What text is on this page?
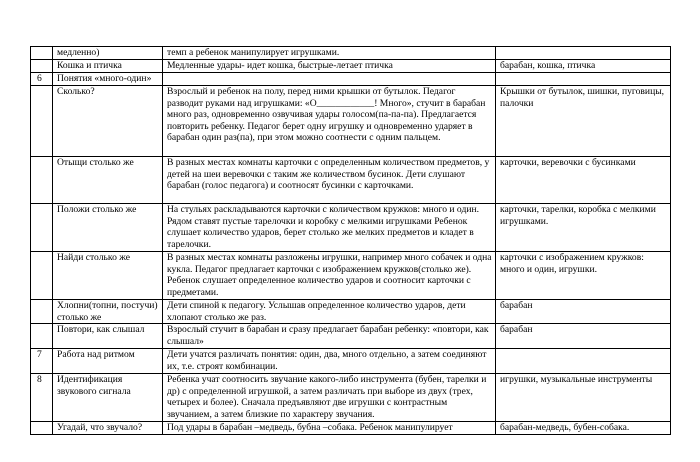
	медленно)	темп а ребенок манипулирует игрушками.	
	Кошка и птичка	Медленные удары- идет кошка, быстрые-летает птичка	барабан, кошка, птичка
6	Понятия «много-один»		
	Сколько?	Взрослый и ребенок на полу, перед ними крышки от бутылок. Педагог разводит руками над игрушками: «О____________! Много», стучит в барабан много раз, одновременно озвучивая удары голосом(па-па-па). Предлагается повторить ребенку. Педагог берет одну игрушку и одновременно ударяет в барабан один раз(па), при этом можно соотнести с одним пальцем.	Крышки от бутылок, шишки, пуговицы, палочки
	Отыщи столько же	В разных местах комнаты карточки с определенным количеством предметов, у детей на шеи веревочки с таким же количеством бусинок. Дети слушают барабан (голос педагога) и соотносят бусинки с карточками.	карточки, веревочки с бусинками
	Положи столько же	На стульях раскладываются карточки с количеством кружков: много и один. Рядом ставят пустые тарелочки и коробку с мелкими игрушками Ребенок слушает количество ударов, берет столько же мелких предметов и кладет в тарелочки.	карточки, тарелки, коробка с мелкими игрушками.
	Найди столько же	В разных местах комнаты разложены игрушки, например много собачек и одна кукла. Педагог предлагает карточки с изображением кружков(столько же). Ребенок слушает определенное количество ударов и соотносит карточки с предметами.	карточки с изображением кружков: много и один, игрушки.
	Хлопни(топни, постучи) столько же	Дети спиной к педагогу. Услышав определенное количество ударов, дети хлопают столько же раз.	барабан
	Повтори, как слышал	Взрослый стучит в барабан и сразу предлагает барабан ребенку: «повтори, как слышал»	барабан
7	Работа над ритмом	Дети учатся различать понятия: один, два, много отдельно, а затем соединяют их, т.е. строят комбинации.	
8	Идентификация звукового сигнала	Ребенка учат соотносить звучание какого-либо инструмента (бубен, тарелки и др) с определенной игрушкой, а затем различать при выборе из двух (трех, четырех и более). Сначала предъявляют две игрушки с контрастным звучанием, а затем близкие по характеру звучания.	игрушки, музыкальные инструменты
	Угадай, что звучало?	Под удары в барабан –медведь, бубна –собака. Ребенок манипулирует	барабан-медведь, бубен-собака.
